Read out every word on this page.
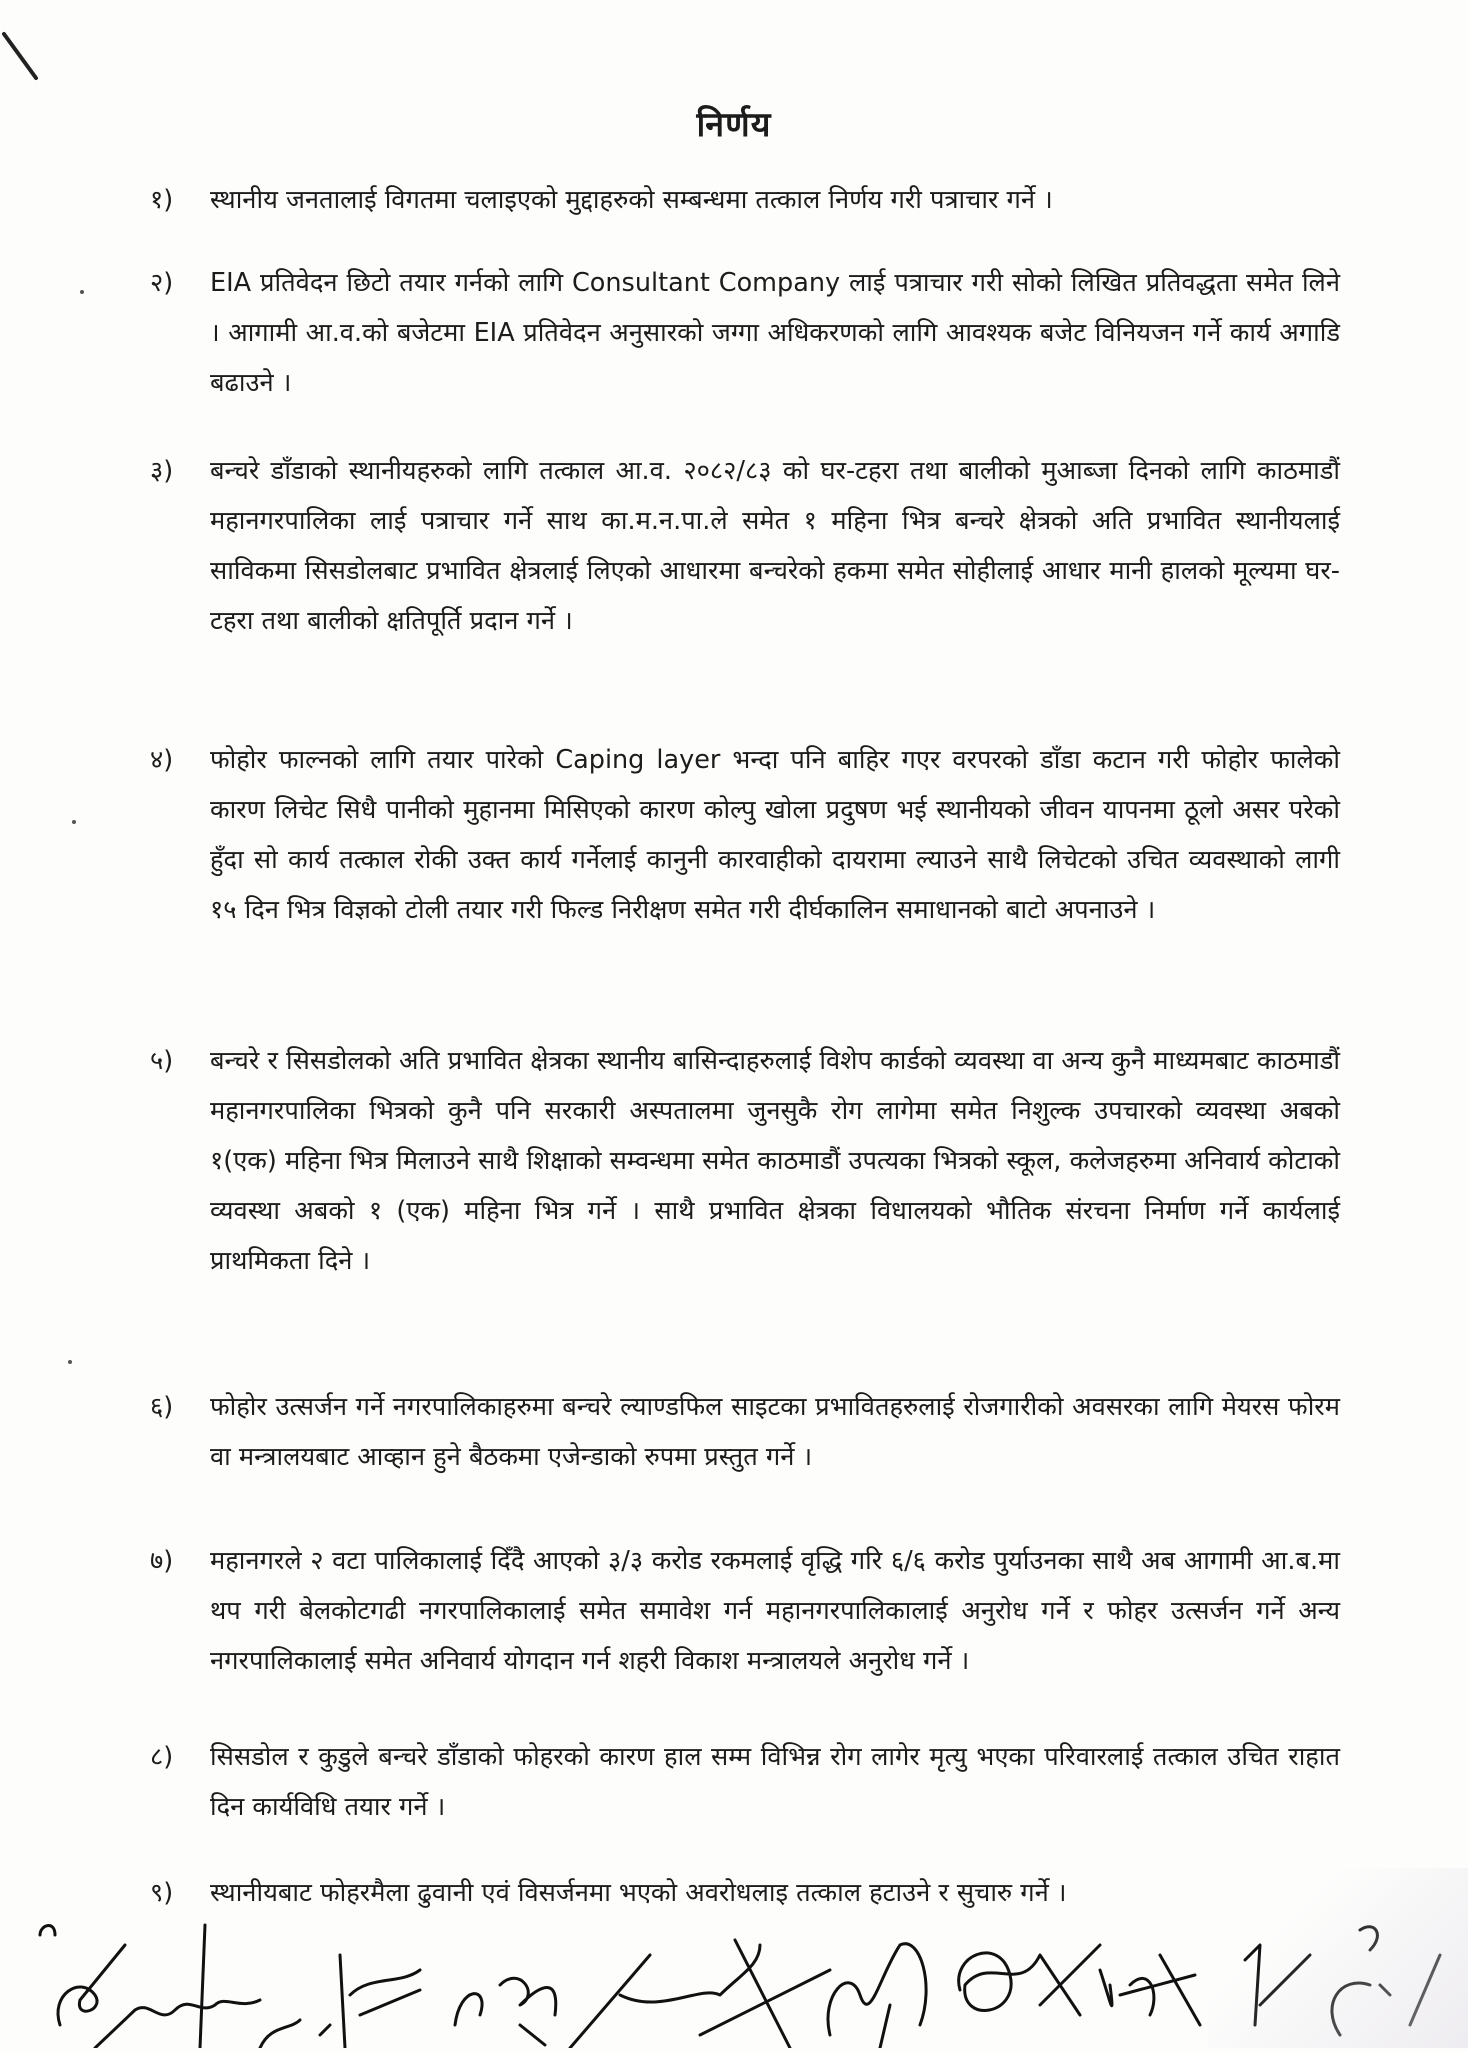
निर्णय
१)	स्थानीय जनतालाई विगतमा चलाइएको मुद्दाहरुको सम्बन्धमा तत्काल निर्णय गरी पत्राचार गर्ने ।
२)	EIA प्रतिवेदन छिटो तयार गर्नको लागि Consultant Company लाई पत्राचार गरी सोको लिखित प्रतिवद्धता समेत लिने । आगामी आ.व.को बजेटमा EIA प्रतिवेदन अनुसारको जग्गा अधिकरणको लागि आवश्यक बजेट विनियजन गर्ने कार्य अगाडि बढाउने ।
३)	बन्चरे डाँडाको स्थानीयहरुको लागि तत्काल आ.व. २०८२/८३ को घर-टहरा तथा बालीको मुआब्जा दिनको लागि काठमाडौं महानगरपालिका लाई पत्राचार गर्ने साथ का.म.न.पा.ले समेत १ महिना भित्र बन्चरे क्षेत्रको अति प्रभावित स्थानीयलाई साविकमा सिसडोलबाट प्रभावित क्षेत्रलाई लिएको आधारमा बन्चरेको हकमा समेत सोहीलाई आधार मानी हालको मूल्यमा घर-टहरा तथा बालीको क्षतिपूर्ति प्रदान गर्ने ।
४)	फोहोर फाल्नको लागि तयार पारेको Caping layer भन्दा पनि बाहिर गएर वरपरको डाँडा कटान गरी फोहोर फालेको कारण लिचेट सिधै पानीको मुहानमा मिसिएको कारण कोल्पु खोला प्रदुषण भई स्थानीयको जीवन यापनमा ठूलो असर परेको हुँदा सो कार्य तत्काल रोकी उक्त कार्य गर्नेलाई कानुनी कारवाहीको दायरामा ल्याउने साथै लिचेटको उचित व्यवस्थाको लागी १५ दिन भित्र विज्ञको टोली तयार गरी फिल्ड निरीक्षण समेत गरी दीर्घकालिन समाधानको बाटो अपनाउने ।
५)	बन्चरे र सिसडोलको अति प्रभावित क्षेत्रका स्थानीय बासिन्दाहरुलाई विशेप कार्डको व्यवस्था वा अन्य कुनै माध्यमबाट काठमाडौं महानगरपालिका भित्रको कुनै पनि सरकारी अस्पतालमा जुनसुकै रोग लागेमा समेत निशुल्क उपचारको व्यवस्था अबको १(एक) महिना भित्र मिलाउने साथै शिक्षाको सम्वन्धमा समेत काठमाडौं उपत्यका भित्रको स्कूल, कलेजहरुमा अनिवार्य कोटाको व्यवस्था अबको १ (एक) महिना भित्र गर्ने । साथै प्रभावित क्षेत्रका विधालयको भौतिक संरचना निर्माण गर्ने कार्यलाई प्राथमिकता दिने ।
६)	फोहोर उत्सर्जन गर्ने नगरपालिकाहरुमा बन्चरे ल्याण्डफिल साइटका प्रभावितहरुलाई रोजगारीको अवसरका लागि मेयरस फोरम वा मन्त्रालयबाट आव्हान हुने बैठकमा एजेन्डाको रुपमा प्रस्तुत गर्ने ।
७)	महानगरले २ वटा पालिकालाई दिँदै आएको ३/३ करोड रकमलाई वृद्धि गरि ६/६ करोड पुर्याउनका साथै अब आगामी आ.ब.मा थप गरी बेलकोटगढी नगरपालिकालाई समेत समावेश गर्न महानगरपालिकालाई अनुरोध गर्ने र फोहर उत्सर्जन गर्ने अन्य नगरपालिकालाई समेत अनिवार्य योगदान गर्न शहरी विकाश मन्त्रालयले अनुरोध गर्ने ।
८)	सिसडोल र कुडुले बन्चरे डाँडाको फोहरको कारण हाल सम्म विभिन्न रोग लागेर मृत्यु भएका परिवारलाई तत्काल उचित राहात दिन कार्यविधि तयार गर्ने ।
९)	स्थानीयबाट फोहरमैला ढुवानी एवं विसर्जनमा भएको अवरोधलाइ तत्काल हटाउने र सुचारु गर्ने ।
